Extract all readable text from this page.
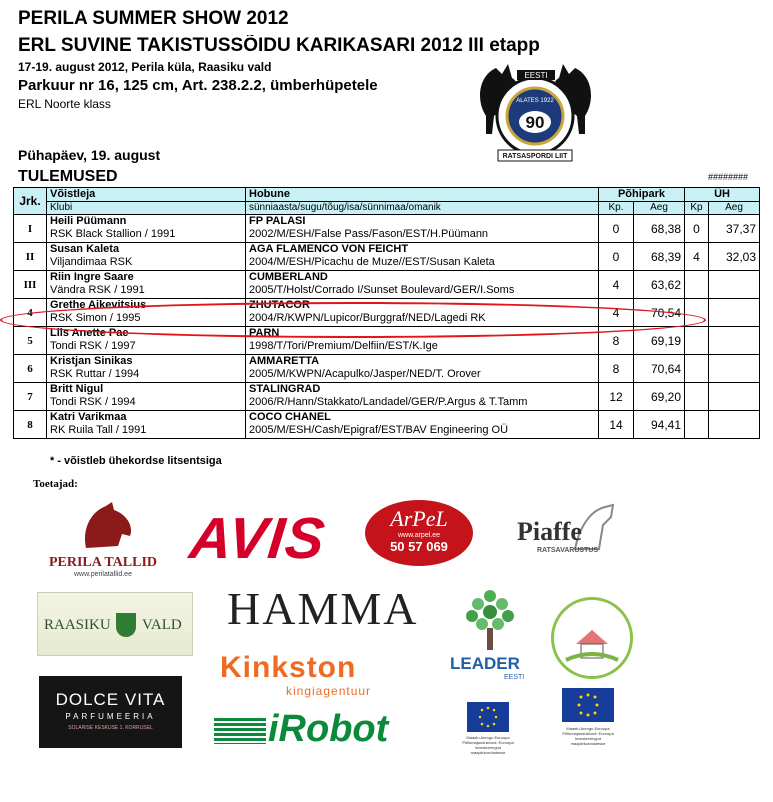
PERILA SUMMER SHOW 2012
ERL SUVINE TAKISTUSSÕIDU KARIKASARI 2012 III etapp
17-19. august 2012, Perila küla, Raasiku vald
Parkuur nr 16, 125 cm, Art. 238.2.2, ümberhüpetele
ERL Noorte klass
Pühapäev, 19. august
TULEMUSED	########
EESTI
ALATES 1922
90
RATSASPORDI LIIT
Jrk.	Võistleja	Hobune	Põhipark		ÜH	
	Klubi	sünniaasta/sugu/tõug/isa/sünnimaa/omanik	Kp.	Aeg	Kp	Aeg
I	Heili Püümann
RSK Black Stallion / 1991	FP PALASI
2002/M/ESH/False Pass/Fason/EST/H.Püümann	0	68,38	0	37,37
II	Susan Kaleta
Viljandimaa RSK	AGA FLAMENCO VON FEICHT
2004/M/ESH/Picachu de Muze//EST/Susan Kaleta	0	68,39	4	32,03
III	Riin Ingre Saare
Vändra RSK / 1991	CUMBERLAND
2005/T/Holst/Corrado I/Sunset Boulevard/GER/I.Soms	4	63,62		
4	Grethe Aikevitsius
RSK Simon / 1995	ZHUTACOR
2004/R/KWPN/Lupicor/Burggraf/NED/Lagedi RK	4	70,54		
5	Liis Anette Pae
Tondi RSK / 1997	PARN
1998/T/Tori/Premium/Delfiin/EST/K.Ige	8	69,19		
6	Kristjan Sinikas
RSK Ruttar / 1994	AMMARETTA
2005/M/KWPN/Acapulko/Jasper/NED/T. Orover	8	70,64		
7	Britt Nigul
Tondi RSK / 1994	STALINGRAD
2006/R/Hann/Stakkato/Landadel/GER/P.Argus & T.Tamm	12	69,20		
8	Katri Varikmaa
RK Ruila Tall / 1991	COCO CHANEL
2005/M/ESH/Cash/Epigraf/EST/BAV Engineering OÜ	14	94,41		
* - võistleb ühekordse litsentsiga
Toetajad:
PERILA TALLID
www.perilatallid.ee
AVIS	ArPeL
www.arpel.ee
50 57 069
Piaffe
RATSAVARUSTUS
RAASIKU VALD HAMMA
LEADER
EESTI
Kinkston
kingiagentuur
DOLCE VITA
PARFUMEERIA
SOLARISE KESKUSE 1. KORRUSEL	iRobot	Maaelu Arengu Euroopa Põllumajandusfond: Euroopa investeeringud maapiirkondadesse
Maaelu Arengu Euroopa Põllumajandusfond: Euroopa investeeringud maapiirkondadesse
